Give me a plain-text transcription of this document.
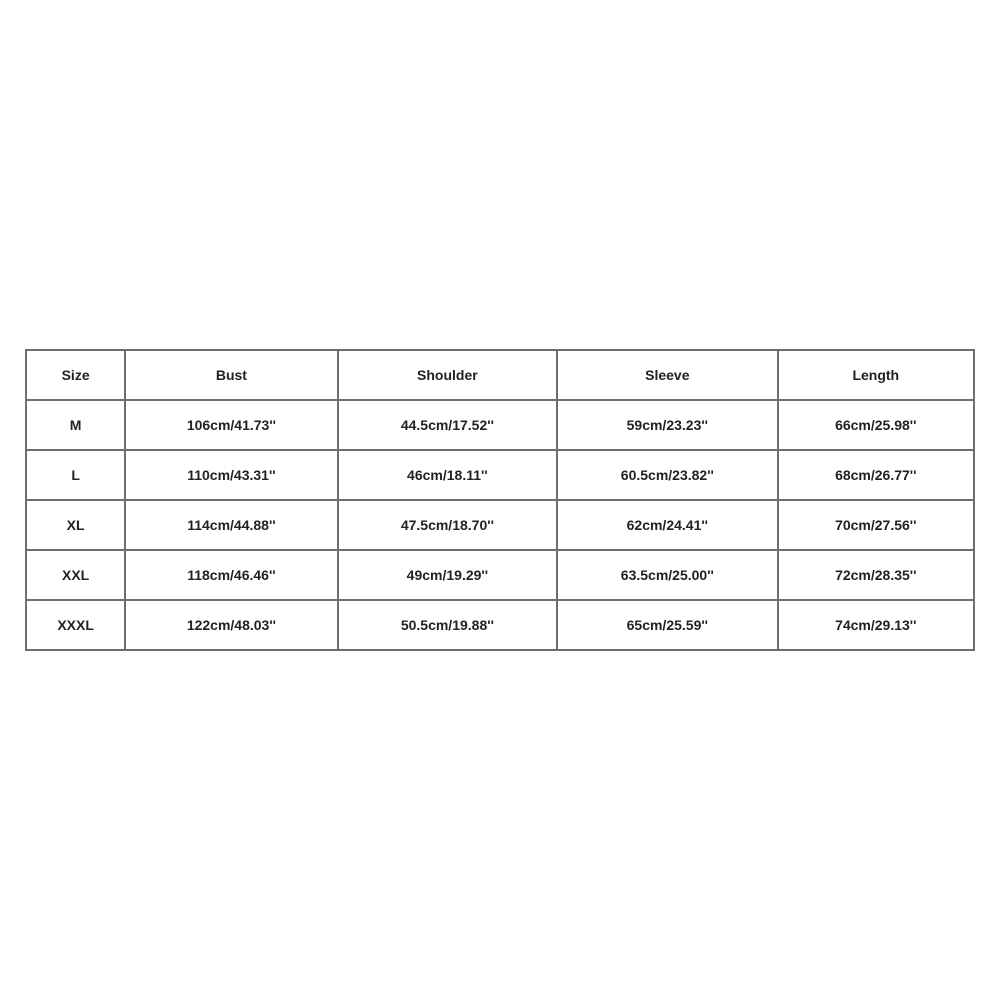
Size	Bust	Shoulder	Sleeve	Length
M	106cm/41.73''	44.5cm/17.52''	59cm/23.23''	66cm/25.98''
L	110cm/43.31''	46cm/18.11''	60.5cm/23.82''	68cm/26.77''
XL	114cm/44.88''	47.5cm/18.70''	62cm/24.41''	70cm/27.56''
XXL	118cm/46.46''	49cm/19.29''	63.5cm/25.00''	72cm/28.35''
XXXL	122cm/48.03''	50.5cm/19.88''	65cm/25.59''	74cm/29.13''
